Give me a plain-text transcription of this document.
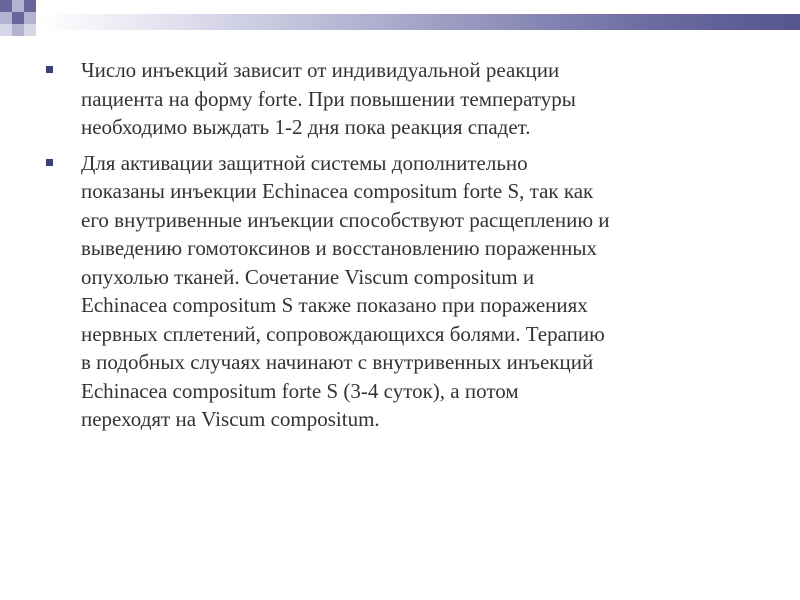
Число инъекций зависит от индивидуальной реакции
пациента на форму forte. При повышении температуры
необходимо выждать 1-2 дня пока реакция спадет.
Для активации защитной системы дополнительно
показаны инъекции Echinacea compositum forte S, так как
его внутривенные инъекции способствуют расщеплению и
выведению гомотоксинов и восстановлению пораженных
опухолью тканей. Сочетание Viscum compositum и
Echinacea compositum S также показано при поражениях
нервных сплетений, сопровождающихся болями. Терапию
в подобных случаях начинают с внутривенных инъекций
Echinacea compositum forte S (3-4 суток), а потом
переходят на Viscum compositum.
